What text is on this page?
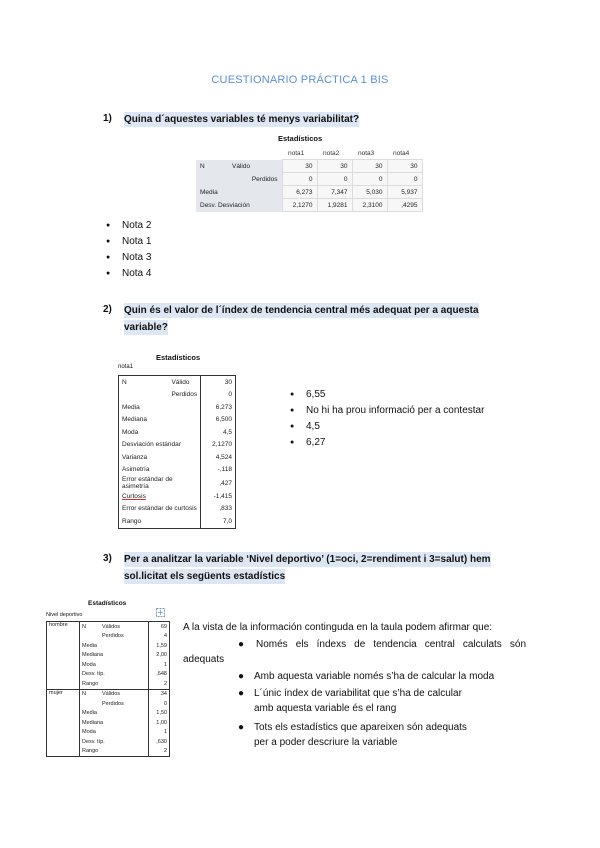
CUESTIONARIO PRÁCTICA 1 BIS
1) Quina d´aquestes variables té menys variabilitat?
Estadísticos
		nota1	nota2	nota3	nota4
N	Válido	30	30	30	30
	Perdidos	0	0	0	0
Media		6,273	7,347	5,030	5,937
Desv. Desviación		2,1270	1,9281	2,3100	,4295
● Nota 2
● Nota 1
● Nota 3
● Nota 4
2) Quin és el valor de l´índex de tendencia central més adequat per a aquesta
variable?
Estadísticos
nota1
N	Válido	30
	Perdidos	0
Media		6,273
Mediana		6,500
Moda		4,5
Desviación estándar		2,1270
Varianza		4,524
Asimetría		-,118
Error estándar de asimetría		,427
Curtosis		-1,415
Error estándar de curtosis		,833
Rango		7,0
● 6,55
● No hi ha prou informació per a contestar
● 4,5
● 6,27
3) Per a analitzar la variable ‘Nivel deportivo’ (1=oci, 2=rendiment i 3=salut) hem
sol.licitat els següents estadístics
Estadísticos
Nivel deportivo
hombre	N	Válidos	69
		Perdidos	4
	Media		1,59
	Mediana		2,00
	Moda		1
	Desv. típ.		,648
	Rango		2
mujer	N	Válidos	34
		Perdidos	0
	Media		1,50
	Mediana		1,00
	Moda		1
	Desv. típ.		,630
	Rango		2
A la vista de la información continguda en la taula podem afirmar que:
● Només els índexs de tendencia central calculats són
adequats
● Amb aquesta variable només s’ha de calcular la moda
● L´únic índex de variabilitat que s’ha de calcular
amb aquesta variable és el rang
● Tots els estadístics que apareixen són adequats
per a poder descriure la variable
